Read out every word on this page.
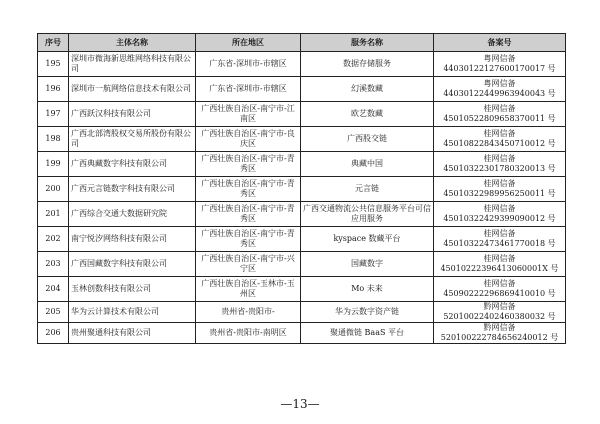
序号	主体名称	所在地区	服务名称	备案号
195	深圳市微海新思维网络科技有限公司	广东省-深圳市-市辖区	数据存储服务	粤网信备 44030122127600170017 号
196	深圳市一航网络信息技术有限公司	广东省-深圳市-市辖区	幻溪数藏	粤网信备 44030122449963940043 号
197	广西跃汉科技有限公司	广西壮族自治区-南宁市-江南区	欧艺数藏	桂网信备 45010522809658370011 号
198	广西北部湾股权交易所股份有限公司	广西壮族自治区-南宁市-良庆区	广西股交链	桂网信备 45010822843450710012 号
199	广西典藏数字科技有限公司	广西壮族自治区-南宁市-青秀区	典藏中国	桂网信备 45010322301780320013 号
200	广西元言链数字科技有限公司	广西壮族自治区-南宁市-青秀区	元言链	桂网信备 45010322989956250011 号
201	广西综合交通大数据研究院	广西壮族自治区-南宁市-青秀区	广西交通物流公共信息服务平台可信应用服务	桂网信备 45010322429399090012 号
202	南宁悦汐网络科技有限公司	广西壮族自治区-南宁市-青秀区	kyspace 数藏平台	桂网信备 45010322473461770018 号
203	广西国藏数字科技有限公司	广西壮族自治区-南宁市-兴宁区	国藏数字	桂网信备 45010222396413060001X 号
204	玉林创数科技有限公司	广西壮族自治区-玉林市-玉州区	Mo 未来	桂网信备 45090222296869410010 号
205	华为云计算技术有限公司	贵州省-贵阳市-	华为云数字资产链	黔网信备 52010022402460380032 号
206	贵州聚通科技有限公司	贵州省-贵阳市-南明区	聚通微链 BaaS 平台	黔网信备 52010022278465624001​2 号
—13—
